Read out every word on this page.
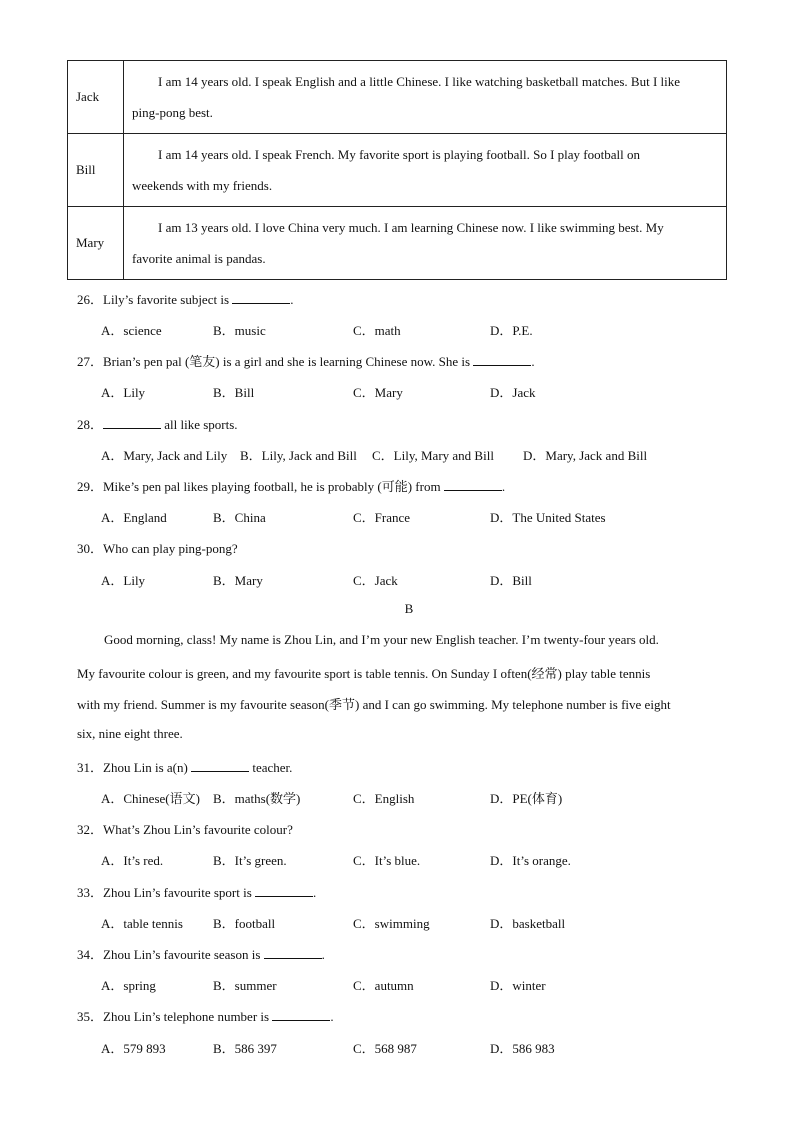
Jack	I am 14 years old. I speak English and a little Chinese. I like watching basketball matches. But I like
ping-pong best.
Bill	I am 14 years old. I speak French. My favorite sport is playing football. So I play football on
weekends with my friends.
Mary	I am 13 years old. I love China very much. I am learning Chinese now. I like swimming best. My
favorite animal is pandas.
26．Lily’s favorite subject is	.
A．science	B．music	C．math	D．P.E.
27．Brian’s pen pal (笔友) is a girl and she is learning Chinese now. She is	.
A．Lily	B．Bill	C．Mary	D．Jack
28．	all like sports.
A．Mary, Jack and Lily B．Lily, Jack and Bill C．Lily, Mary and Bill D．Mary, Jack and Bill
29．Mike’s pen pal likes playing football, he is probably (可能) from	.
A．England	B．China	C．France	D．The United States
30．Who can play ping-pong?
A．Lily	B．Mary	C．Jack	D．Bill
B
Good morning, class! My name is Zhou Lin, and I’m your new English teacher. I’m twenty-four years old.
My favourite colour is green, and my favourite sport is table tennis. On Sunday I often(经常) play table tennis
with my friend. Summer is my favourite season(季节) and I can go swimming. My telephone number is five eight
six, nine eight three.
31．Zhou Lin is a(n)	teacher.
A．Chinese(语文) B．maths(数学)	C．English	D．PE(体育)
32．What’s Zhou Lin’s favourite colour?
A．It’s red.	B．It’s green.	C．It’s blue.	D．It’s orange.
33．Zhou Lin’s favourite sport is	.
A．table tennis B．football	C．swimming	D．basketball
34．Zhou Lin’s favourite season is	.
A．spring	B．summer	C．autumn	D．winter
35．Zhou Lin’s telephone number is	.
A．579 893	B．586 397	C．568 987	D．586 983
